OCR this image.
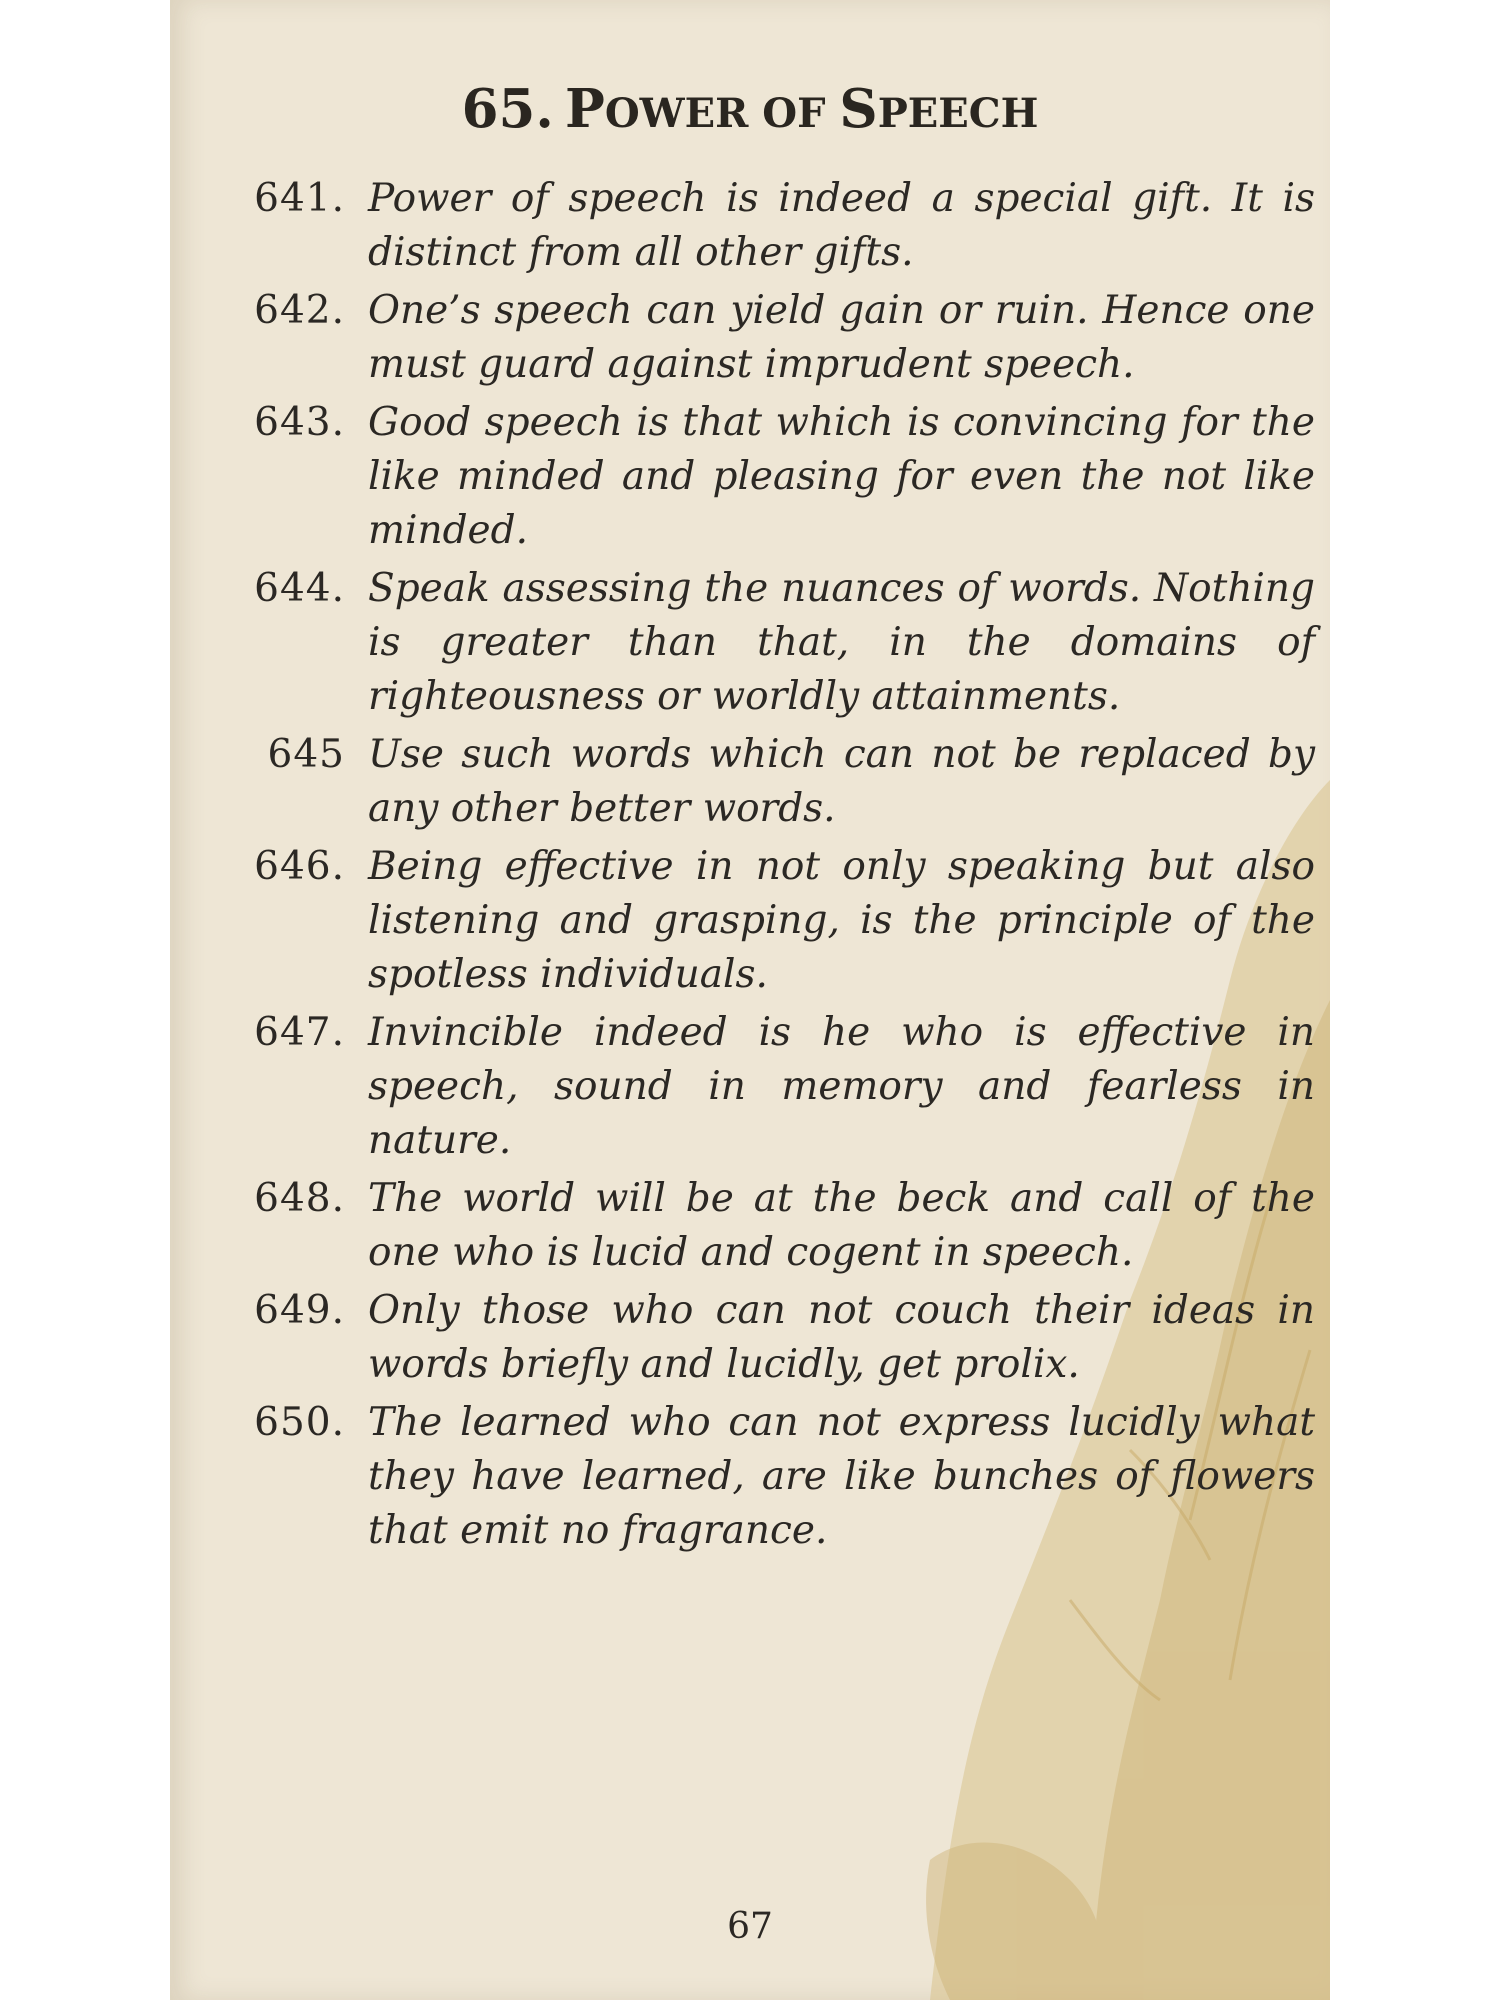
65. POWER OF SPEECH
641. Power of speech is indeed a special gift. It is distinct from all other gifts.
642. One’s speech can yield gain or ruin. Hence one must guard against imprudent speech.
643. Good speech is that which is convincing for the like minded and pleasing for even the not like minded.
644. Speak assessing the nuances of words. Nothing is greater than that, in the domains of righteousness or worldly attainments.
645 Use such words which can not be replaced by any other better words.
646. Being effective in not only speaking but also listening and grasping, is the principle of the spotless individuals.
647. Invincible indeed is he who is effective in speech, sound in memory and fearless in nature.
648. The world will be at the beck and call of the one who is lucid and cogent in speech.
649. Only those who can not couch their ideas in words briefly and lucidly, get prolix.
650. The learned who can not express lucidly what they have learned, are like bunches of flowers that emit no fragrance.
67
